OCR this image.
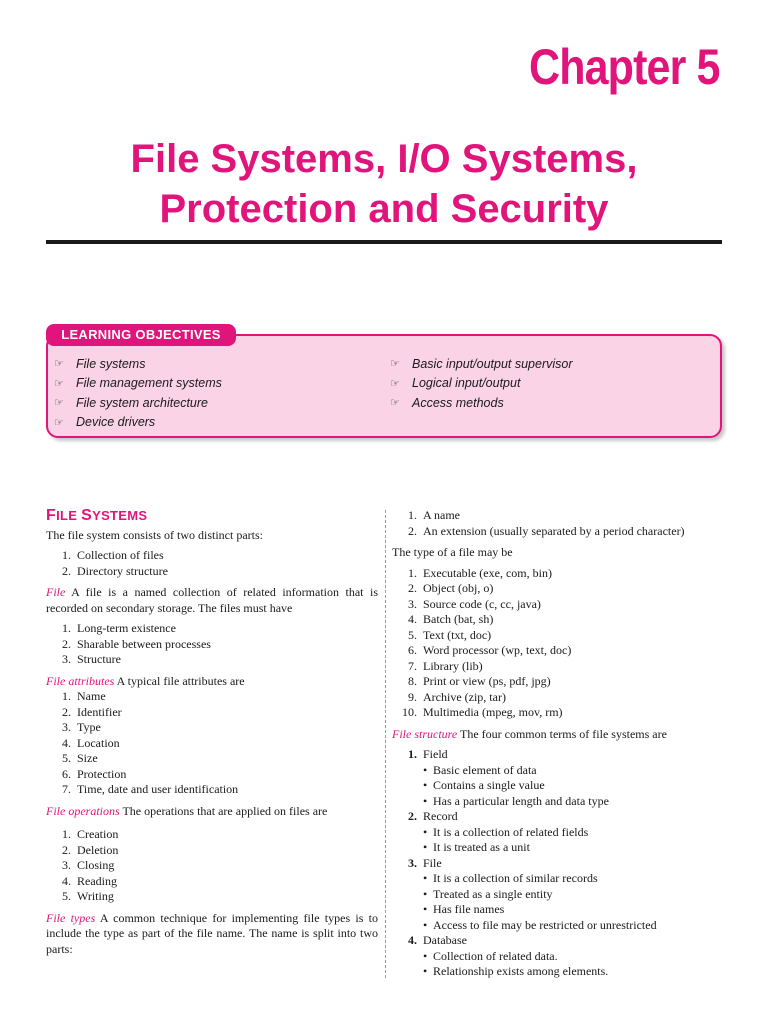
Chapter 5
File Systems, I/O Systems,
Protection and Security
LEARNING OBJECTIVES
☞ File systems
☞ File management systems
☞ File system architecture
☞ Device drivers
☞ Basic input/output supervisor
☞ Logical input/output
☞ Access methods
FILE SYSTEMS

The file system consists of two distinct parts:

1. Collection of files
2. Directory structure

File A file is a named collection of related information that is recorded on secondary storage. The files must have

1. Long-term existence
2. Sharable between processes
3. Structure

File attributes A typical file attributes are

1. Name
2. Identifier
3. Type
4. Location
5. Size
6. Protection
7. Time, date and user identification

File operations The operations that are applied on files are

1. Creation
2. Deletion
3. Closing
4. Reading
5. Writing

File types A common technique for implementing file types is to include the type as part of the file name. The name is split into two parts:

1. A name
2. An extension (usually separated by a period character)

The type of a file may be

1. Executable (exe, com, bin)
2. Object (obj, o)
3. Source code (c, cc, java)
4. Batch (bat, sh)
5. Text (txt, doc)
6. Word processor (wp, text, doc)
7. Library (lib)
8. Print or view (ps, pdf, jpg)
9. Archive (zip, tar)
10. Multimedia (mpeg, mov, rm)

File structure The four common terms of file systems are

1. Field
• Basic element of data
• Contains a single value
• Has a particular length and data type
2. Record
• It is a collection of related fields
• It is treated as a unit
3. File
• It is a collection of similar records
• Treated as a single entity
• Has file names
• Access to file may be restricted or unrestricted
4. Database
• Collection of related data.
• Relationship exists among elements.
